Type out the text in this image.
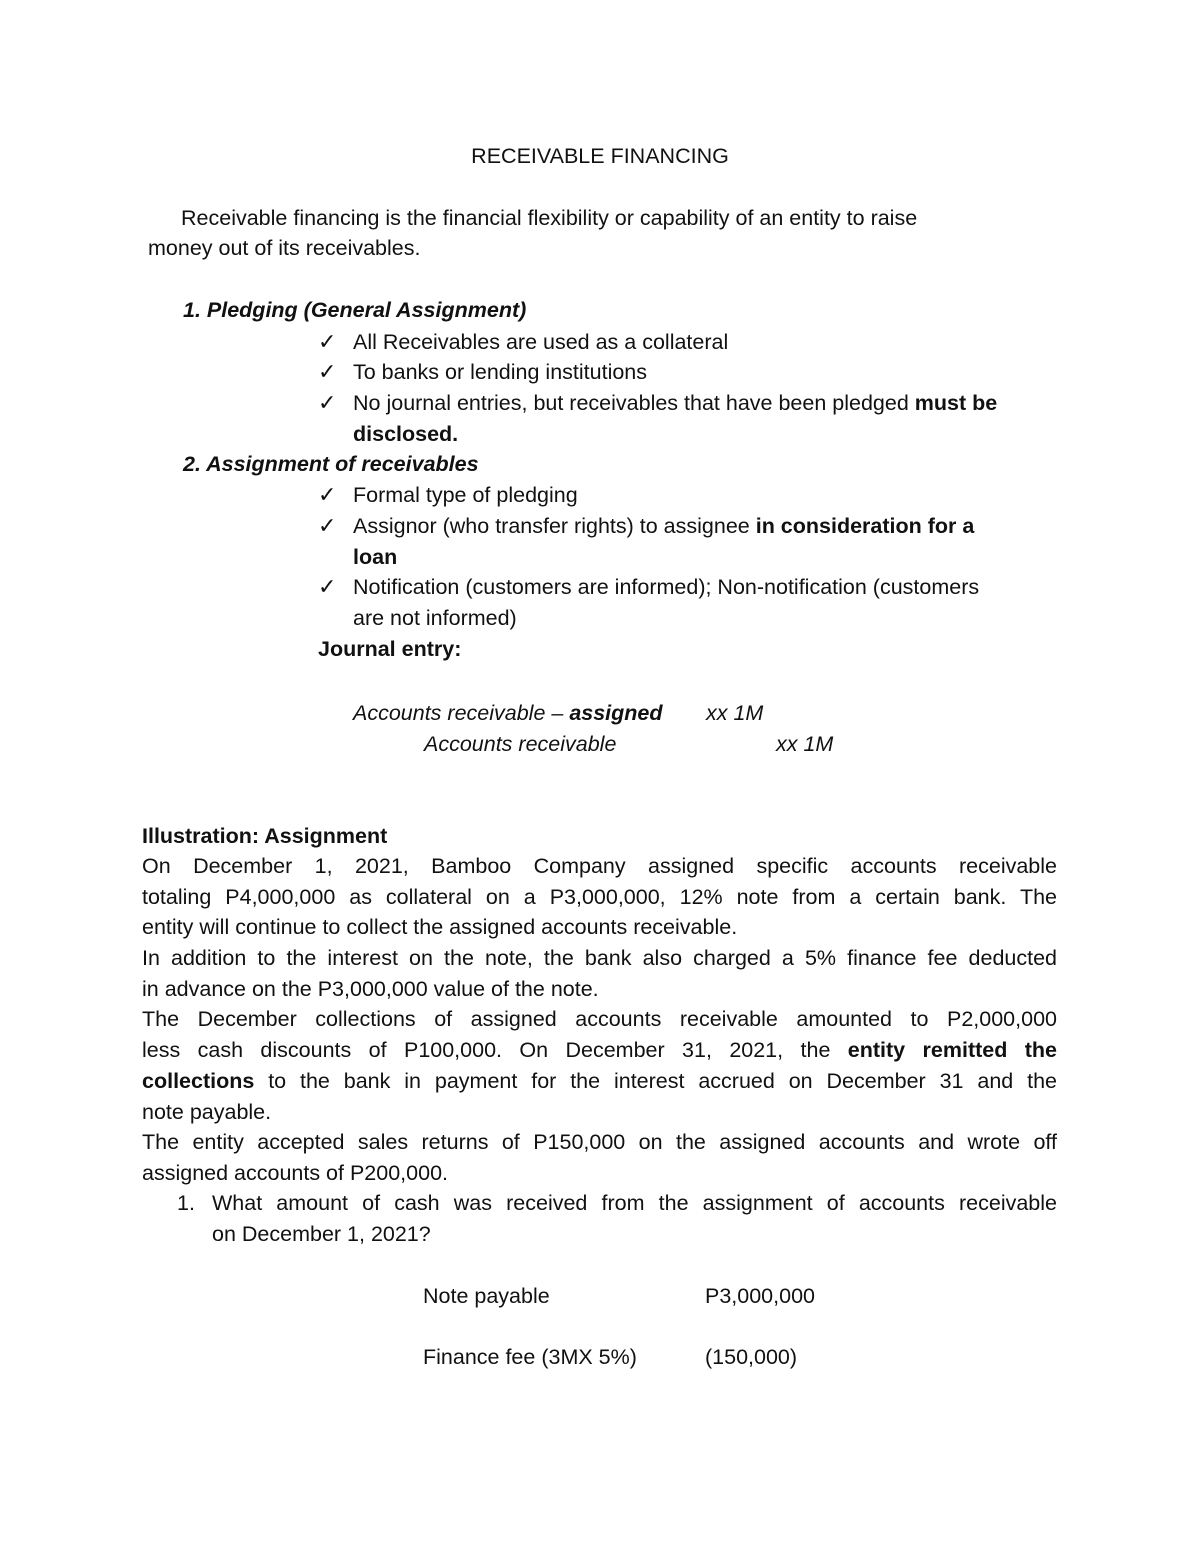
RECEIVABLE FINANCING
Receivable financing is the financial flexibility or capability of an entity to raise
money out of its receivables.
1. Pledging (General Assignment)
✓ All Receivables are used as a collateral
✓ To banks or lending institutions
✓ No journal entries, but receivables that have been pledged must be
disclosed.
2. Assignment of receivables
✓ Formal type of pledging
✓ Assignor (who transfer rights) to assignee in consideration for a
loan
✓ Notification (customers are informed); Non-notification (customers
are not informed)
Journal entry:
Accounts receivable – assigned xx 1M
Accounts receivable	xx 1M
Illustration: Assignment
On December 1, 2021, Bamboo Company assigned specific accounts receivable
totaling P4,000,000 as collateral on a P3,000,000, 12% note from a certain bank. The
entity will continue to collect the assigned accounts receivable.
In addition to the interest on the note, the bank also charged a 5% finance fee deducted
in advance on the P3,000,000 value of the note.
The December collections of assigned accounts receivable amounted to P2,000,000
less cash discounts of P100,000. On December 31, 2021, the entity remitted the
collections to the bank in payment for the interest accrued on December 31 and the
note payable.
The entity accepted sales returns of P150,000 on the assigned accounts and wrote off
assigned accounts of P200,000.
1. What amount of cash was received from the assignment of accounts receivable
on December 1, 2021?
Note payable	P3,000,000
Finance fee (3MX 5%)	(150,000)
